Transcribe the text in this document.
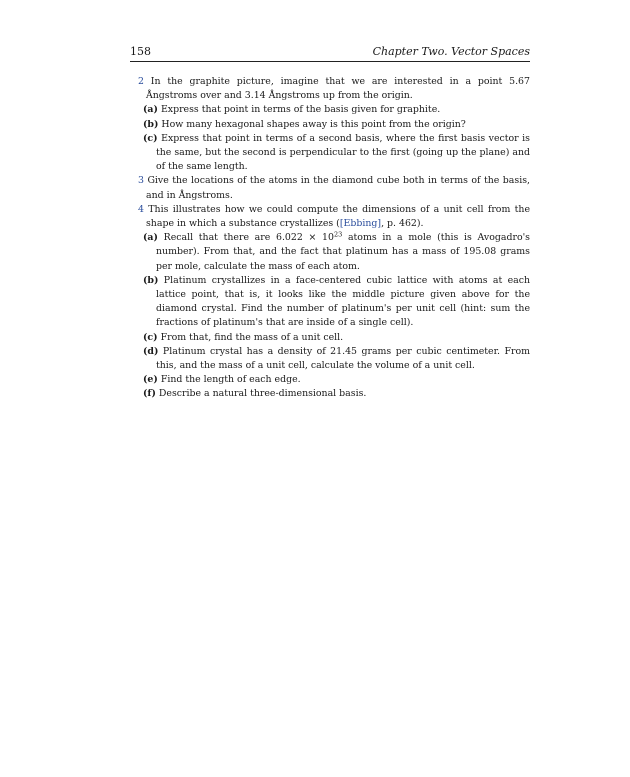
158	Chapter Two. Vector Spaces

2 In the graphite picture, imagine that we are interested in a point 5.67 Ångstroms over and 3.14 Ångstroms up from the origin.

(a) Express that point in terms of the basis given for graphite.

(b) How many hexagonal shapes away is this point from the origin?

(c) Express that point in terms of a second basis, where the first basis vector is the same, but the second is perpendicular to the first (going up the plane) and of the same length.

3 Give the locations of the atoms in the diamond cube both in terms of the basis, and in Ångstroms.

4 This illustrates how we could compute the dimensions of a unit cell from the shape in which a substance crystallizes ([Ebbing], p. 462).

(a) Recall that there are $6.022 \times 10^{23}$ atoms in a mole (this is Avogadro's number). From that, and the fact that platinum has a mass of 195.08 grams per mole, calculate the mass of each atom.

(b) Platinum crystallizes in a face-centered cubic lattice with atoms at each lattice point, that is, it looks like the middle picture given above for the diamond crystal. Find the number of platinum's per unit cell (hint: sum the fractions of platinum's that are inside of a single cell).

(c) From that, find the mass of a unit cell.

(d) Platinum crystal has a density of 21.45 grams per cubic centimeter. From this, and the mass of a unit cell, calculate the volume of a unit cell.

(e) Find the length of each edge.

(f) Describe a natural three-dimensional basis.
